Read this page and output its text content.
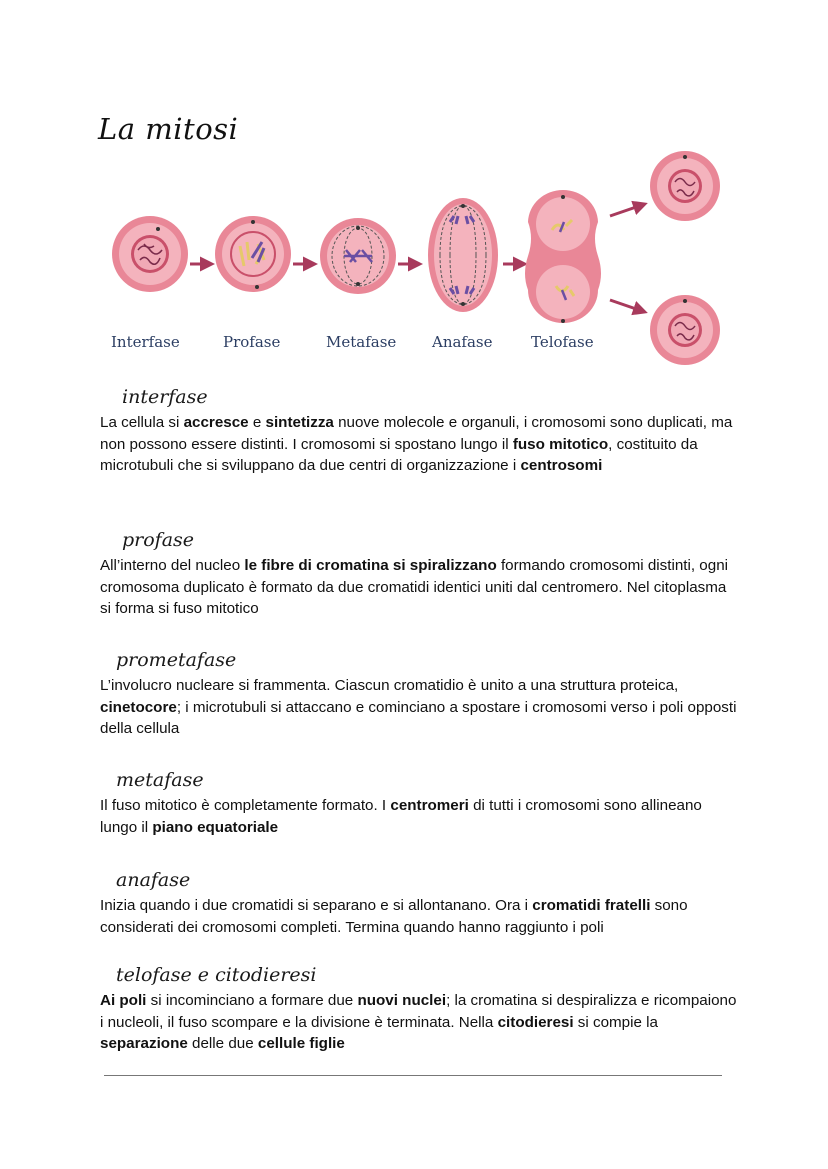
La mitosi
Interfase	Profase	Metafase Anafase	Telofase
interfase

La cellula si accresce e sintetizza nuove molecole e organuli, i cromosomi sono duplicati, ma non possono essere distinti. I cromosomi si spostano lungo il fuso mitotico, costituito da microtubuli che si sviluppano da due centri di organizzazione i centrosomi

profase

All’interno del nucleo le fibre di cromatina si spiralizzano formando cromosomi distinti, ogni cromosoma duplicato è formato da due cromatidi identici uniti dal centromero. Nel citoplasma si forma si fuso mitotico

prometafase

L’involucro nucleare si frammenta. Ciascun cromatidio è unito a una struttura proteica, cinetocore; i microtubuli si attaccano e cominciano a spostare i cromosomi verso i poli opposti della cellula

metafase

Il fuso mitotico è completamente formato. I centromeri di tutti i cromosomi sono allineano lungo il piano equatoriale

anafase

Inizia quando i due cromatidi si separano e si allontanano. Ora i cromatidi fratelli sono considerati dei cromosomi completi. Termina quando hanno raggiunto i poli

telofase e citodieresi

Ai poli si incominciano a formare due nuovi nuclei; la cromatina si despiralizza e ricompaiono i nucleoli, il fuso scompare e la divisione è terminata. Nella citodieresi si compie la separazione delle due cellule figlie
